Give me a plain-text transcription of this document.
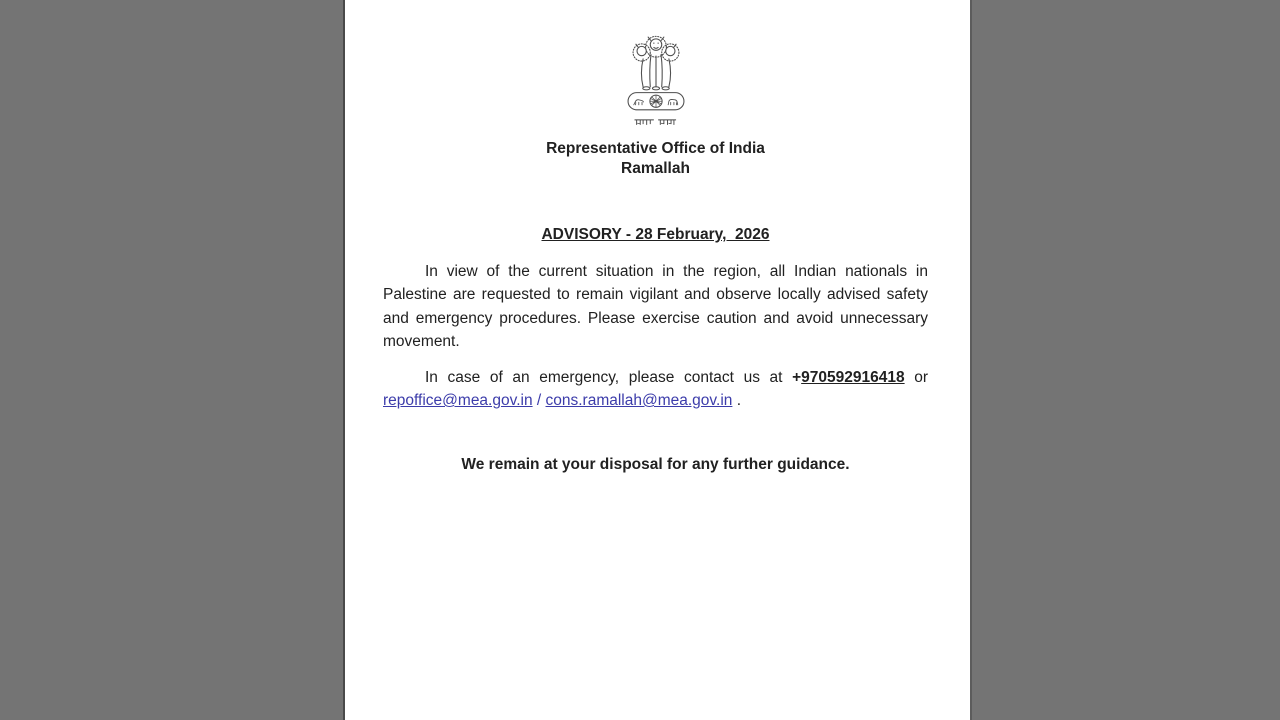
Representative Office of India
Ramallah
ADVISORY - 28 February,  2026

In view of the current situation in the region, all Indian nationals in Palestine are requested to remain vigilant and observe locally advised safety and emergency procedures. Please exercise caution and avoid unnecessary movement.

In case of an emergency, please contact us at +970592916418 or repoffice@mea.gov.in / cons.ramallah@mea.gov.in .

We remain at your disposal for any further guidance.
